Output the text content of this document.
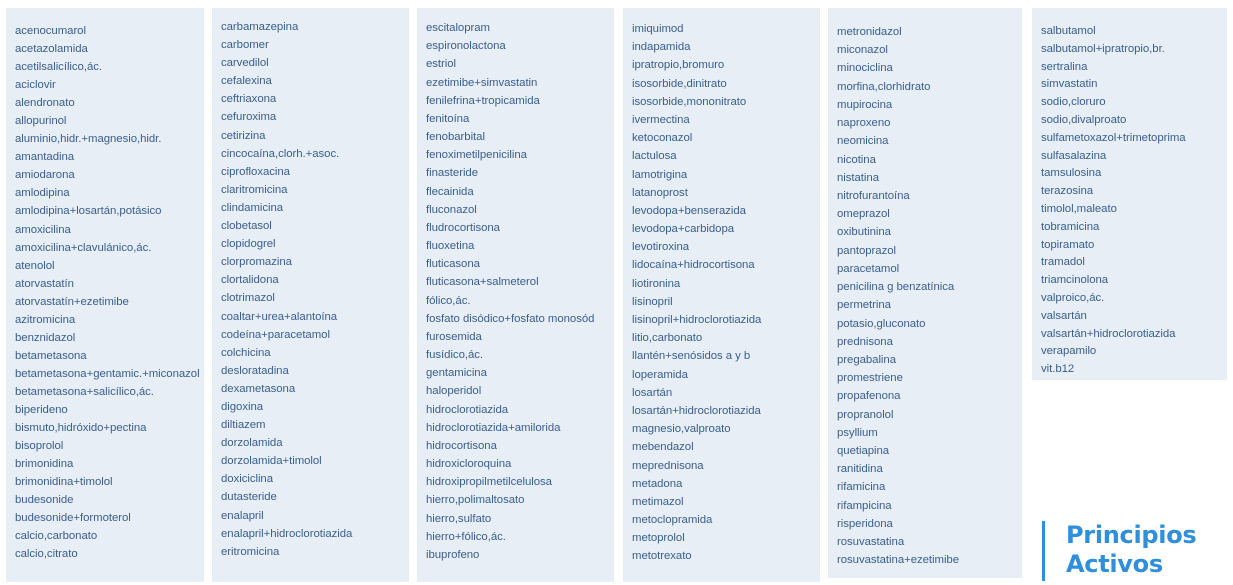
acenocumarol
acetazolamida
acetilsalicílico,ác.
aciclovir
alendronato
allopurinol
aluminio,hidr.+magnesio,hidr.
amantadina
amiodarona
amlodipina
amlodipina+losartán,potásico
amoxicilina
amoxicilina+clavulánico,ác.
atenolol
atorvastatín
atorvastatín+ezetimibe
azitromicina
benznidazol
betametasona
betametasona+gentamic.+miconazol
betametasona+salicílico,ác.
biperideno
bismuto,hidróxido+pectina
bisoprolol
brimonidina
brimonidina+timolol
budesonide
budesonide+formoterol
calcio,carbonato
calcio,citrato
carbamazepina
carbomer
carvedilol
cefalexina
ceftriaxona
cefuroxima
cetirizina
cincocaína,clorh.+asoc.
ciprofloxacina
claritromicina
clindamicina
clobetasol
clopidogrel
clorpromazina
clortalidona
clotrimazol
coaltar+urea+alantoína
codeína+paracetamol
colchicina
desloratadina
dexametasona
digoxina
diltiazem
dorzolamida
dorzolamida+timolol
doxiciclina
dutasteride
enalapril
enalapril+hidroclorotiazida
eritromicina
escitalopram
espironolactona
estriol
ezetimibe+simvastatin
fenilefrina+tropicamida
fenitoína
fenobarbital
fenoximetilpenicilina
finasteride
flecainida
fluconazol
fludrocortisona
fluoxetina
fluticasona
fluticasona+salmeterol
fólico,ác.
fosfato disódico+fosfato monosód
furosemida
fusídico,ác.
gentamicina
haloperidol
hidroclorotiazida
hidroclorotiazida+amilorida
hidrocortisona
hidroxicloroquina
hidroxipropilmetilcelulosa
hierro,polimaltosato
hierro,sulfato
hierro+fólico,ác.
ibuprofeno
imiquimod
indapamida
ipratropio,bromuro
isosorbide,dinitrato
isosorbide,mononitrato
ivermectina
ketoconazol
lactulosa
lamotrigina
latanoprost
levodopa+benserazida
levodopa+carbidopa
levotiroxina
lidocaína+hidrocortisona
liotironina
lisinopril
lisinopril+hidroclorotiazida
litio,carbonato
llantén+senósidos a y b
loperamida
losartán
losartán+hidroclorotiazida
magnesio,valproato
mebendazol
meprednisona
metadona
metimazol
metoclopramida
metoprolol
metotrexato
metronidazol
miconazol
minociclina
morfina,clorhidrato
mupirocina
naproxeno
neomicina
nicotina
nistatina
nitrofurantoína
omeprazol
oxibutinina
pantoprazol
paracetamol
penicilina g benzatínica
permetrina
potasio,gluconato
prednisona
pregabalina
promestriene
propafenona
propranolol
psyllium
quetiapina
ranitidina
rifamicina
rifampicina
risperidona
rosuvastatina
rosuvastatina+ezetimibe
salbutamol
salbutamol+ipratropio,br.
sertralina
simvastatin
sodio,cloruro
sodio,divalproato
sulfametoxazol+trimetoprima
sulfasalazina
tamsulosina
terazosina
timolol,maleato
tobramicina
topiramato
tramadol
triamcinolona
valproico,ác.
valsartán
valsartán+hidroclorotiazida
verapamilo
vit.b12
Principios
Activos
